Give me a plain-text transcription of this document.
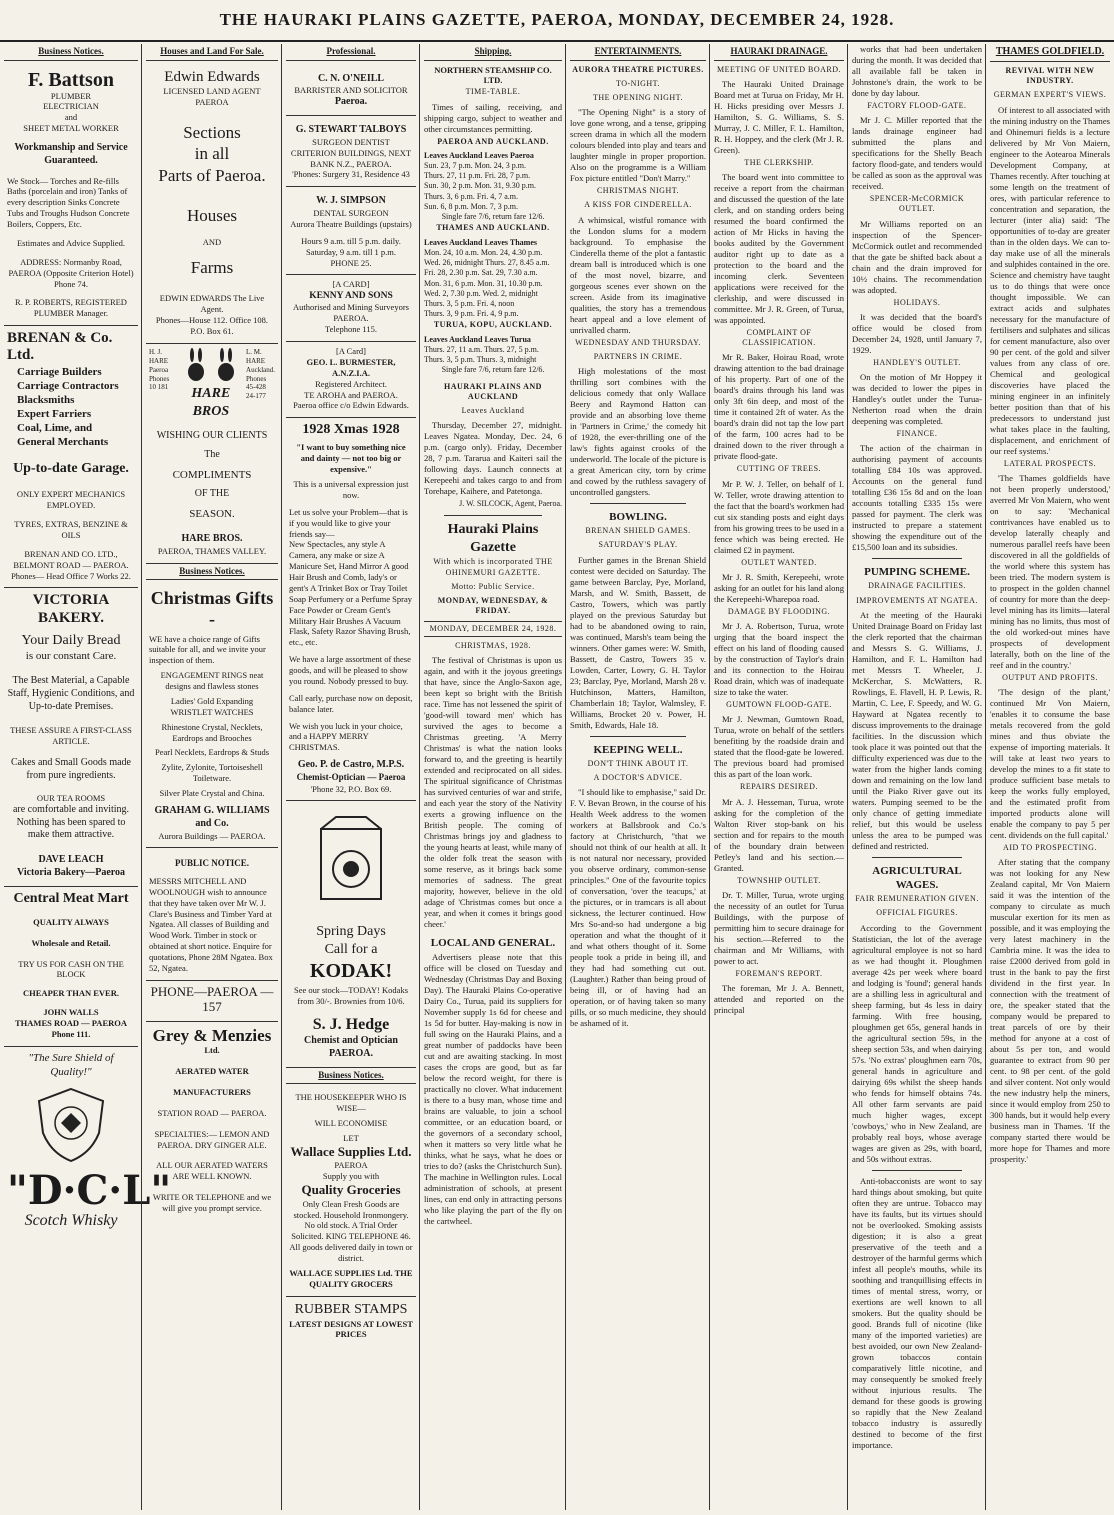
THE HAURAKI PLAINS GAZETTE, PAEROA, MONDAY, DECEMBER 24, 1928.
Business Notices.
F. Battson
PLUMBER
ELECTRICIAN
and
SHEET METAL WORKER
Workmanship and Service Guaranteed.
We Stock— Torches and Re-fills Baths (porcelain and iron) Tanks of every description Sinks Concrete Tubs and Troughs Hudson Concrete Boilers, Coppers, Etc.
Estimates and Advice Supplied.
ADDRESS: Normanby Road, PAEROA (Opposite Criterion Hotel) Phone 74.
R. P. ROBERTS, REGISTERED PLUMBER Manager.
BRENAN & Co. Ltd.
Carriage Builders
Carriage Contractors
Blacksmiths
Expert Farriers
Coal, Lime, and
General Merchants
Up-to-date Garage.
ONLY EXPERT MECHANICS EMPLOYED.
TYRES, EXTRAS, BENZINE & OILS
BRENAN AND CO. LTD., BELMONT ROAD — PAEROA. Phones— Head Office 7 Works 22.
VICTORIA BAKERY.
Your Daily Bread
is our constant Care.
The Best Material, a Capable Staff, Hygienic Conditions, and Up-to-date Premises.
THESE ASSURE A FIRST-CLASS ARTICLE.
Cakes and Small Goods made from pure ingredients.
OUR TEA ROOMS
are comfortable and inviting. Nothing has been spared to make them attractive.
DAVE LEACH
Victoria Bakery—Paeroa
Central Meat Mart
QUALITY ALWAYS
Wholesale and Retail.
TRY US FOR CASH ON THE BLOCK
CHEAPER THAN EVER.
JOHN WALLS
THAMES ROAD — PAEROA Phone 111.
"The Sure Shield of Quality!"
"D·C·L"
Scotch Whisky
Houses and Land For Sale.
Edwin Edwards
LICENSED LAND AGENT
PAEROA
Sections
in all
Parts of Paeroa.
Houses
AND
Farms
EDWIN EDWARDS The Live Agent.
Phones—House 112. Office 108. P.O. Box 61.
H. J. HARE Paeroa Phones 10 181
	HARE BROS
L. M. HARE Auckland. Phones 45-428 24-177
WISHING OUR CLIENTS
The
COMPLIMENTS
OF THE
SEASON.
HARE BROS.
PAEROA, THAMES VALLEY.
Business Notices.
Christmas Gifts -
WE have a choice range of Gifts suitable for all, and we invite your inspection of them.
ENGAGEMENT RINGS neat designs and flawless stones
Ladies' Gold Expanding WRISTLET WATCHES
Rhinestone Crystal, Necklets, Eardrops and Brooches
Pearl Necklets, Eardrops & Studs
Zylite, Zylonite, Tortoiseshell Toiletware.
Silver Plate Crystal and China.
GRAHAM G. WILLIAMS and Co.
Aurora Buildings — PAEROA.
PUBLIC NOTICE.
MESSRS MITCHELL AND WOOLNOUGH wish to announce that they have taken over Mr W. J. Clare's Business and Timber Yard at Ngatea. All classes of Building and Wood Work. Timber in stock or obtained at short notice. Enquire for quotations, Phone 28M Ngatea. Box 52, Ngatea.
PHONE—PAEROA —157
Grey & Menzies
Ltd.
AERATED WATER
MANUFACTURERS
STATION ROAD — PAEROA.
SPECIALTIES:— LEMON AND PAEROA. DRY GINGER ALE.
ALL OUR AERATED WATERS ARE WELL KNOWN.
WRITE OR TELEPHONE and we will give you prompt service.
Professional.
C. N. O'NEILL
BARRISTER AND SOLICITOR
Paeroa.
G. STEWART TALBOYS
SURGEON DENTIST
CRITERION BUILDINGS, NEXT BANK N.Z., PAEROA.
'Phones: Surgery 31, Residence 43
W. J. SIMPSON
DENTAL SURGEON
Aurora Theatre Buildings (upstairs)
Hours 9 a.m. till 5 p.m. daily. Saturday, 9 a.m. till 1 p.m.
PHONE 25.
[A CARD]
KENNY AND SONS
Authorised and Mining Surveyors PAEROA.
Telephone 115.
[A Card]
GEO. L. BURMESTER, A.N.Z.I.A.
Registered Architect.
TE AROHA and PAEROA.
Paeroa office c/o Edwin Edwards.
1928 Xmas 1928
"I want to buy something nice and dainty — not too big or expensive."
This is a universal expression just now.
Let us solve your Problem—that is if you would like to give your friends say—
New Spectacles, any style A Camera, any make or size A Manicure Set, Hand Mirror A good Hair Brush and Comb, lady's or gent's A Trinket Box or Tray Toilet Soap Perfumery or a Perfume Spray Face Powder or Cream Gent's Military Hair Brushes A Vacuum Flask, Safety Razor Shaving Brush, etc., etc.
We have a large assortment of these goods, and will be pleased to show you round. Nobody pressed to buy.
Call early, purchase now on deposit, balance later.
We wish you luck in your choice, and a HAPPY MERRY CHRISTMAS.
Geo. P. de Castro, M.P.S.
Chemist-Optician — Paeroa
'Phone 32, P.O. Box 69.
Spring Days
Call for a
KODAK!
See our stock—TODAY! Kodaks from 30/-. Brownies from 10/6.
S. J. Hedge
Chemist and Optician
PAEROA.
Business Notices.
THE HOUSEKEEPER WHO IS WISE—
WILL ECONOMISE
LET
Wallace Supplies Ltd.
PAEROA
Supply you with
Quality Groceries
Only Clean Fresh Goods are stocked. Household Ironmongery. No old stock. A Trial Order Solicited. KING TELEPHONE 46. All goods delivered daily in town or district.
WALLACE SUPPLIES Ltd. THE QUALITY GROCERS
RUBBER STAMPS
LATEST DESIGNS AT LOWEST PRICES
Shipping.
NORTHERN STEAMSHIP CO. LTD.
TIME-TABLE.
Times of sailing, receiving, and shipping cargo, subject to weather and other circumstances permitting.
PAEROA AND AUCKLAND.
Leaves Auckland Leaves Paeroa
Sun. 23, 7 p.m. Mon. 24, 3 p.m.
Thurs. 27, 11 p.m. Fri. 28, 7 p.m.
Sun. 30, 2 p.m. Mon. 31, 9.30 p.m.
Thurs. 3, 6 p.m. Fri. 4, 7 a.m.
Sun. 6, 8 p.m. Mon. 7, 3 p.m.
Single fare 7/6, return fare 12/6.
THAMES AND AUCKLAND.
Leaves Auckland Leaves Thames
Mon. 24, 10 a.m. Mon. 24, 4.30 p.m.
Wed. 26, midnight Thurs. 27, 8.45 a.m.
Fri. 28, 2.30 p.m. Sat. 29, 7.30 a.m.
Mon. 31, 6 p.m. Mon. 31, 10.30 p.m.
Wed. 2, 7.30 p.m. Wed. 2, midnight
Thurs. 3, 5 p.m. Fri. 4, noon
Thurs. 3, 9 p.m. Fri. 4, 9 p.m.
TURUA, KOPU, AUCKLAND.
Leaves Auckland Leaves Turua
Thurs. 27, 11 a.m. Thurs. 27, 5 p.m.
Thurs. 3, 5 p.m. Thurs. 3, midnight
Single fare 7/6, return fare 12/6.
HAURAKI PLAINS AND AUCKLAND
Leaves Auckland
Thursday, December 27, midnight. Leaves Ngatea. Monday, Dec. 24, 6 p.m. (cargo only). Friday, December 28, 7 p.m. Tararua and Kaiteri sail the following days. Launch connects at Kerepeehi and takes cargo to and from Torehape, Kaihere, and Patetonga.
J. W. SILCOCK, Agent, Paeroa.
Hauraki Plains Gazette
With which is incorporated THE OHINEMURI GAZETTE.
Motto: Public Service.
MONDAY, WEDNESDAY, & FRIDAY.
MONDAY, DECEMBER 24, 1928.
CHRISTMAS, 1928.
The festival of Christmas is upon us again, and with it the joyous greetings that have, since the Anglo-Saxon age, been kept so bright with the British race. Time has not lessened the spirit of 'good-will toward men' which has survived the ages to become a Christmas greeting. 'A Merry Christmas' is what the nation looks forward to, and the greeting is heartily extended and reciprocated on all sides. The spiritual significance of Christmas has survived centuries of war and strife, and each year the story of the Nativity exerts a growing influence on the British people. The coming of Christmas brings joy and gladness to the young hearts at least, while many of the older folk treat the season with some reserve, as it brings back some memories of sadness. The great majority, however, believe in the old adage of 'Christmas comes but once a year, and when it comes it brings good cheer.'
LOCAL AND GENERAL.
Advertisers please note that this office will be closed on Tuesday and Wednesday (Christmas Day and Boxing Day). The Hauraki Plains Co-operative Dairy Co., Turua, paid its suppliers for November supply 1s 6d for cheese and 1s 5d for butter. Hay-making is now in full swing on the Hauraki Plains, and a great number of paddocks have been cut and are awaiting stacking. In most cases the crops are good, but as far below the record weight, for there is practically no clover. What inducement is there to a busy man, whose time and brains are valuable, to join a school committee, or an education board, or the governors of a secondary school, when it matters so very little what he thinks, what he says, what he does or tries to do? (asks the Christchurch Sun). The machine in Wellington rules. Local administration of schools, at present lines, can end only in attracting persons who like playing the part of the fly on the cartwheel.
ENTERTAINMENTS.
AURORA THEATRE PICTURES.
TO-NIGHT.
THE OPENING NIGHT.
"The Opening Night" is a story of love gone wrong, and a tense, gripping screen drama in which all the modern colours blended into play and tears and laughter mingle in proper proportion. Also on the programme is a William Fox picture entitled "Don't Marry."
CHRISTMAS NIGHT.
A KISS FOR CINDERELLA.
A whimsical, wistful romance with the London slums for a modern background. To emphasise the Cinderella theme of the plot a fantastic dream ball is introduced which is one of the most novel, bizarre, and gorgeous scenes ever shown on the screen. Aside from its imaginative qualities, the story has a tremendous heart appeal and a love element of unrivalled charm.
WEDNESDAY AND THURSDAY.
PARTNERS IN CRIME.
High molestations of the most thrilling sort combines with the delicious comedy that only Wallace Beery and Raymond Hatton can provide and an absorbing love theme in 'Partners in Crime,' the comedy hit of 1928, the ever-thrilling one of the law's fights against crooks of the underworld. The locale of the picture is a great American city, torn by crime and cowed by the ruthless savagery of uncontrolled gangsters.
BOWLING.
BRENAN SHIELD GAMES.
SATURDAY'S PLAY.
Further games in the Brenan Shield contest were decided on Saturday. The game between Barclay, Pye, Morland, Marsh, and W. Smith, Bassett, de Castro, Towers, which was partly played on the previous Saturday but had to be abandoned owing to rain, was continued, Marsh's team being the winners. Other games were: W. Smith, Bassett, de Castro, Towers 35 v. Lowden, Carter, Lowry, G. H. Taylor 23; Barclay, Pye, Morland, Marsh 28 v. Hutchinson, Matters, Hamilton, Chamberlain 18; Taylor, Walmsley, F. Williams, Brocket 20 v. Power, H. Smith, Edwards, Hale 18.
KEEPING WELL.
DON'T THINK ABOUT IT.
A DOCTOR'S ADVICE.
"I should like to emphasise," said Dr. F. V. Bevan Brown, in the course of his Health Week address to the women workers at Ballsbrook and Co.'s factory at Christchurch, "that we should not think of our health at all. It is not natural nor necessary, provided you observe ordinary, common-sense principles." One of the favourite topics of conversation, 'over the teacups,' at the pictures, or in tramcars is all about sickness, the lecturer continued. How Mrs So-and-so had undergone a big operation and what the thought of it and what others thought of it. Some people took a pride in being ill, and they had had something cut out. (Laughter.) Rather than being proud of being ill, or of having had an operation, or of having taken so many pills, or so much medicine, they should be ashamed of it.
HAURAKI DRAINAGE.
MEETING OF UNITED BOARD.
The Hauraki United Drainage Board met at Turua on Friday, Mr H. H. Hicks presiding over Messrs J. Hamilton, S. G. Williams, S. S. Murray, J. C. Miller, F. L. Hamilton, R. H. Hoppey, and the clerk (Mr J. R. Green).
THE CLERKSHIP.
The board went into committee to receive a report from the chairman and discussed the question of the late clerk, and on standing orders being resumed the board confirmed the action of Mr Hicks in having the books audited by the Government auditor right up to date as a protection to the board and the incoming clerk. Seventeen applications were received for the clerkship, and were discussed in committee. Mr J. R. Green, of Turua, was appointed.
COMPLAINT OF CLASSIFICATION.
Mr R. Baker, Hoirau Road, wrote drawing attention to the bad drainage of his property. Part of one of the board's drains through his land was only 3ft 6in deep, and most of the time it contained 2ft of water. As the board's drain did not tap the low part of the farm, 100 acres had to be drained down to the river through a private flood-gate.
CUTTING OF TREES.
Mr P. W. J. Teller, on behalf of I. W. Teller, wrote drawing attention to the fact that the board's workmen had cut six standing posts and eight days from his growing trees to be used in a fence which was being erected. He claimed £2 in payment.
OUTLET WANTED.
Mr J. R. Smith, Kerepeehi, wrote asking for an outlet for his land along the Kerepeehi-Wharepoa road.
DAMAGE BY FLOODING.
Mr J. A. Robertson, Turua, wrote urging that the board inspect the effect on his land of flooding caused by the construction of Taylor's drain and its connection to the Hoirau Road drain, which was of inadequate size to take the water.
GUMTOWN FLOOD-GATE.
Mr J. Newman, Gumtown Road, Turua, wrote on behalf of the settlers benefiting by the roadside drain and stated that the flood-gate be lowered. The previous board had promised this as part of the loan work.
REPAIRS DESIRED.
Mr A. J. Hesseman, Turua, wrote asking for the completion of the Walton River stop-bank on his section and for repairs to the mouth of the boundary drain between Petley's land and his section.—Granted.
TOWNSHIP OUTLET.
Dr. T. Miller, Turua, wrote urging the necessity of an outlet for Turua Buildings, with the purpose of permitting him to secure drainage for his section.—Referred to the chairman and Mr Williams, with power to act.
FOREMAN'S REPORT.
The foreman, Mr J. A. Bennett, attended and reported on the principal
works that had been undertaken during the month. It was decided that all available fall be taken in Johnstone's drain, the work to be done by day labour.
FACTORY FLOOD-GATE.
Mr J. C. Miller reported that the lands drainage engineer had submitted the plans and specifications for the Shelly Beach factory flood-gate, and tenders would be called as soon as the approval was received.
SPENCER-McCORMICK OUTLET.
Mr Williams reported on an inspection of the Spencer-McCormick outlet and recommended that the gate be shifted back about a chain and the drain improved for 10½ chains. The recommendation was adopted.
HOLIDAYS.
It was decided that the board's office would be closed from December 24, 1928, until January 7, 1929.
HANDLEY'S OUTLET.
On the motion of Mr Hoppey it was decided to lower the pipes in Handley's outlet under the Turua-Netherton road when the drain deepening was completed.
FINANCE.
The action of the chairman in authorising payment of accounts totalling £84 10s was approved. Accounts on the general fund totalling £36 15s 8d and on the loan accounts totalling £335 15s were passed for payment. The clerk was instructed to prepare a statement showing the expenditure out of the £15,500 loan and its subsidies.
PUMPING SCHEME.
DRAINAGE FACILITIES.
IMPROVEMENTS AT NGATEA.
At the meeting of the Hauraki United Drainage Board on Friday last the clerk reported that the chairman and Messrs S. G. Williams, J. Hamilton, and F. L. Hamilton had met Messrs T. Wheeler, J. McKerchar, S. McWatters, R. Rowlings, E. Flavell, H. P. Lewis, R. Martin, C. Lee, F. Speedy, and W. G. Hayward at Ngatea recently to discuss improvements to the drainage facilities. In the discussion which took place it was pointed out that the difficulty experienced was due to the water from the higher lands coming down and remaining on the low land until the Piako River gave out its waters. Pumping seemed to be the only chance of getting immediate relief, but this would be useless unless the area to be pumped was defined and restricted.
AGRICULTURAL WAGES.
FAIR REMUNERATION GIVEN.
OFFICIAL FIGURES.
According to the Government Statistician, the lot of the average agricultural employee is not so hard as we had thought it. Ploughmen average 42s per week where board and lodging is 'found'; general hands are a shilling less in agricultural and sheep farming, but 4s less in dairy farming. With free housing, ploughmen get 65s, general hands in the agricultural section 59s, in the sheep section 53s, and when dairying 57s. 'No extras' ploughmen earn 70s, general hands in agriculture and dairying 69s whilst the sheep hands who fends for himself obtains 74s. All other farm servants are paid much higher wages, except 'cowboys,' who in New Zealand, are probably real boys, whose average wages are given as 29s, with board, and 50s without extras.
Anti-tobacconists are wont to say hard things about smoking, but quite often they are untrue. Tobacco may have its faults, but its virtues should not be overlooked. Smoking assists digestion; it is also a great preservative of the teeth and a destroyer of the harmful germs which infest all people's mouths, while its soothing and tranquillising effects in times of mental stress, worry, or exertions are well known to all smokers. But the quality should be good. Brands full of nicotine (like many of the imported varieties) are best avoided, our own New Zealand-grown tobaccos contain comparatively little nicotine, and may consequently be smoked freely without injurious results. The demand for these goods is growing so rapidly that the New Zealand tobacco industry is assuredly destined to become of the first importance.
THAMES GOLDFIELD.
REVIVAL WITH NEW INDUSTRY.
GERMAN EXPERT'S VIEWS.
Of interest to all associated with the mining industry on the Thames and Ohinemuri fields is a lecture delivered by Mr Von Maiern, engineer to the Aotearoa Minerals Development Company, at Thames recently. After touching at some length on the treatment of ores, with particular reference to concentration and separation, the lecturer (inter alia) said: 'The opportunities of to-day are greater than in the olden days. We can to-day make use of all the minerals and sulphides contained in the ore. Science and chemistry have taught us to do things that were once thought impossible. We can extract acids and sulphates necessary for the manufacture of fertilisers and sulphates and silicas for cement manufacture, also over 90 per cent. of the gold and silver values from any class of ore. Chemical and geological discoveries have placed the mining engineer in an infinitely better position than that of his predecessors to understand just what takes place in the faulting, displacement, and enrichment of our reef systems.'
LATERAL PROSPECTS.
'The Thames goldfields have not been properly understood,' averred Mr Von Maiern, who went on to say: 'Mechanical contrivances have enabled us to develop laterally cheaply and numerous parallel reefs have been discovered in all the goldfields of the world where this system has been tried. The modern system is to prospect in the golden channel of country for more than the deep-level mining has its limits—lateral mining has no limits, thus most of the old worked-out mines have prospects of development laterally, both on the line of the reef and in the country.'
OUTPUT AND PROFITS.
'The design of the plant,' continued Mr Von Maiern, 'enables it to consume the base metals recovered from the gold mines and thus obviate the expense of importing materials. It will take at least two years to develop the mines to a fit state to produce sufficient base metals to keep the works fully employed, and the estimated profit from imported products alone will enable the company to pay 5 per cent. dividends on the full capital.'
AID TO PROSPECTING.
After stating that the company was not looking for any New Zealand capital, Mr Von Maiern said it was the intention of the company to circulate as much muscular exertion for its men as possible, and it was employing the very latest machinery in the Cambria mine. It was the idea to raise £2000 derived from gold in trust in the bank to pay the first dividend in the first year. In connection with the treatment of ore, the speaker stated that the company would be prepared to treat parcels of ore by their method for anyone at a cost of about 5s per ton, and would guarantee to extract from 90 per cent. to 98 per cent. of the gold and silver content. Not only would the new industry help the miners, since it would employ from 250 to 300 hands, but it would help every business man in Thames. 'If the company started there would be more hope for Thames and more prosperity.'
